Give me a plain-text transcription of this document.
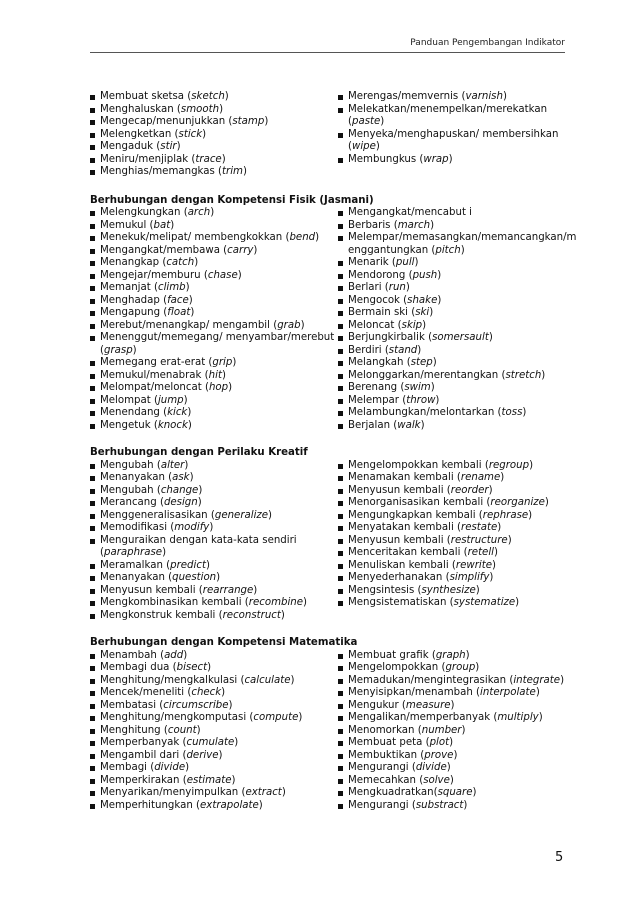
Panduan Pengembangan Indikator
Membuat sketsa (sketch)
Menghaluskan (smooth)
Mengecap/menunjukkan (stamp)
Melengketkan (stick)
Mengaduk (stir)
Meniru/menjiplak (trace)
Menghias/memangkas (trim)
Merengas/memvernis (varnish)
Melekatkan/menempelkan/merekatkan (paste)
Menyeka/menghapuskan/ membersihkan (wipe)
Membungkus (wrap)
Berhubungan dengan Kompetensi Fisik (Jasmani)
Melengkungkan (arch)
Memukul (bat)
Menekuk/melipat/ membengkokkan (bend)
Mengangkat/membawa (carry)
Menangkap (catch)
Mengejar/memburu (chase)
Memanjat (climb)
Menghadap (face)
Mengapung (float)
Merebut/menangkap/ mengambil (grab)
Menenggut/memegang/ menyambar/merebut (grasp)
Memegang erat-erat (grip)
Memukul/menabrak (hit)
Melompat/meloncat (hop)
Melompat (jump)
Menendang (kick)
Mengetuk (knock)
Mengangkat/mencabut i
Berbaris (march)
Melempar/memasangkan/memancangkan/m enggantungkan (pitch)
Menarik (pull)
Mendorong (push)
Berlari (run)
Mengocok (shake)
Bermain ski (ski)
Meloncat (skip)
Berjungkirbalik (somersault)
Berdiri (stand)
Melangkah (step)
Melonggarkan/merentangkan (stretch)
Berenang (swim)
Melempar (throw)
Melambungkan/melontarkan (toss)
Berjalan (walk)
Berhubungan dengan Perilaku Kreatif
Mengubah (alter)
Menanyakan (ask)
Mengubah (change)
Merancang (design)
Menggeneralisasikan (generalize)
Memodifikasi (modify)
Menguraikan dengan kata-kata sendiri (paraphrase)
Meramalkan (predict)
Menanyakan (question)
Menyusun kembali (rearrange)
Mengkombinasikan kembali (recombine)
Mengkonstruk kembali (reconstruct)
Mengelompokkan kembali (regroup)
Menamakan kembali (rename)
Menyusun kembali (reorder)
Menorganisasikan kembali (reorganize)
Mengungkapkan kembali (rephrase)
Menyatakan kembali (restate)
Menyusun kembali (restructure)
Menceritakan kembali (retell)
Menuliskan kembali (rewrite)
Menyederhanakan (simplify)
Mengsintesis (synthesize)
Mengsistematiskan (systematize)
Berhubungan dengan Kompetensi Matematika
Menambah (add)
Membagi dua (bisect)
Menghitung/mengkalkulasi (calculate)
Mencek/meneliti (check)
Membatasi (circumscribe)
Menghitung/mengkomputasi (compute)
Menghitung (count)
Memperbanyak (cumulate)
Mengambil dari (derive)
Membagi (divide)
Memperkirakan (estimate)
Menyarikan/menyimpulkan (extract)
Memperhitungkan (extrapolate)
Membuat grafik (graph)
Mengelompokkan (group)
Memadukan/mengintegrasikan (integrate)
Menyisipkan/menambah (interpolate)
Mengukur (measure)
Mengalikan/memperbanyak (multiply)
Menomorkan (number)
Membuat peta (plot)
Membuktikan (prove)
Mengurangi (divide)
Memecahkan (solve)
Mengkuadratkan(square)
Mengurangi (substract)
5
